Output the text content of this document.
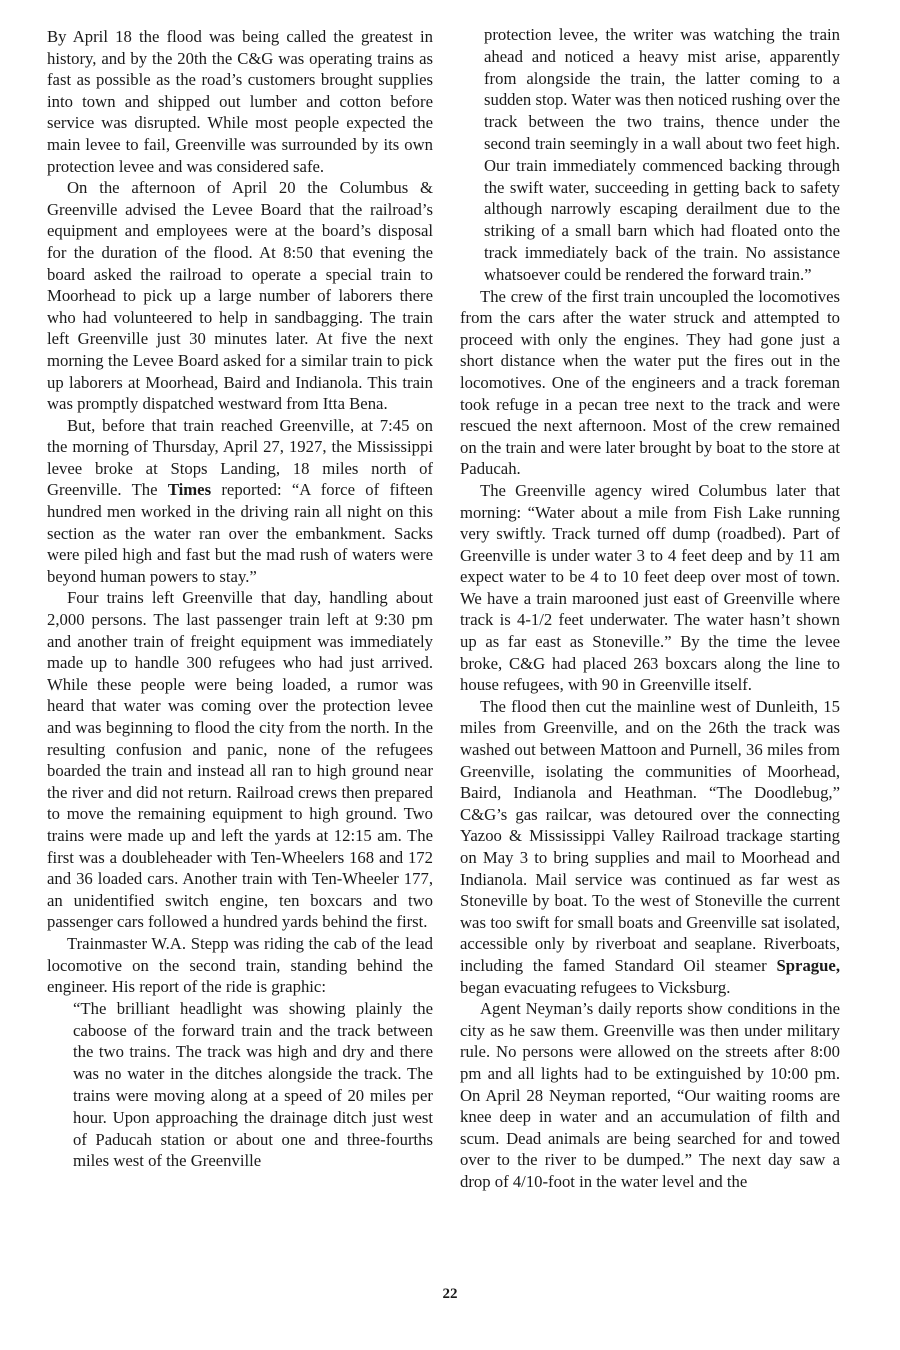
By April 18 the flood was being called the greatest in history, and by the 20th the C&G was operating trains as fast as possible as the road’s customers brought supplies into town and shipped out lumber and cotton before service was disrupted. While most people expected the main levee to fail, Greenville was surrounded by its own protection levee and was considered safe.

On the afternoon of April 20 the Columbus & Greenville advised the Levee Board that the railroad’s equipment and employees were at the board’s disposal for the duration of the flood. At 8:50 that evening the board asked the railroad to operate a special train to Moorhead to pick up a large number of laborers there who had volunteered to help in sandbagging. The train left Greenville just 30 minutes later. At five the next morning the Levee Board asked for a similar train to pick up laborers at Moorhead, Baird and Indianola. This train was promptly dispatched westward from Itta Bena.

But, before that train reached Greenville, at 7:45 on the morning of Thursday, April 27, 1927, the Mississippi levee broke at Stops Landing, 18 miles north of Greenville. The Times reported: “A force of fifteen hundred men worked in the driving rain all night on this section as the water ran over the embankment. Sacks were piled high and fast but the mad rush of waters were beyond human powers to stay.”

Four trains left Greenville that day, handling about 2,000 persons. The last passenger train left at 9:30 pm and another train of freight equipment was immediately made up to handle 300 refugees who had just arrived. While these people were being loaded, a rumor was heard that water was coming over the protection levee and was beginning to flood the city from the north. In the resulting confusion and panic, none of the refugees boarded the train and instead all ran to high ground near the river and did not return. Railroad crews then prepared to move the remaining equipment to high ground. Two trains were made up and left the yards at 12:15 am. The first was a doubleheader with Ten-Wheelers 168 and 172 and 36 loaded cars. Another train with Ten-Wheeler 177, an unidentified switch engine, ten boxcars and two passenger cars followed a hundred yards behind the first.

Trainmaster W.A. Stepp was riding the cab of the lead locomotive on the second train, standing behind the engineer. His report of the ride is graphic:

“The brilliant headlight was showing plainly the caboose of the forward train and the track between the two trains. The track was high and dry and there was no water in the ditches alongside the track. The trains were moving along at a speed of 20 miles per hour. Upon approaching the drainage ditch just west of Paducah station or about one and three-fourths miles west of the Greenville

protection levee, the writer was watching the train ahead and noticed a heavy mist arise, apparently from alongside the train, the latter coming to a sudden stop. Water was then noticed rushing over the track between the two trains, thence under the second train seemingly in a wall about two feet high. Our train immediately commenced backing through the swift water, succeeding in getting back to safety although narrowly escaping derailment due to the striking of a small barn which had floated onto the track immediately back of the train. No assistance whatsoever could be rendered the forward train.”

The crew of the first train uncoupled the locomotives from the cars after the water struck and attempted to proceed with only the engines. They had gone just a short distance when the water put the fires out in the locomotives. One of the engineers and a track foreman took refuge in a pecan tree next to the track and were rescued the next afternoon. Most of the crew remained on the train and were later brought by boat to the store at Paducah.

The Greenville agency wired Columbus later that morning: “Water about a mile from Fish Lake running very swiftly. Track turned off dump (roadbed). Part of Greenville is under water 3 to 4 feet deep and by 11 am expect water to be 4 to 10 feet deep over most of town. We have a train marooned just east of Greenville where track is 4-1/2 feet underwater. The water hasn’t shown up as far east as Stoneville.” By the time the levee broke, C&G had placed 263 boxcars along the line to house refugees, with 90 in Greenville itself.

The flood then cut the mainline west of Dunleith, 15 miles from Greenville, and on the 26th the track was washed out between Mattoon and Purnell, 36 miles from Greenville, isolating the communities of Moorhead, Baird, Indianola and Heathman. “The Doodlebug,” C&G’s gas railcar, was detoured over the connecting Yazoo & Mississippi Valley Railroad trackage starting on May 3 to bring supplies and mail to Moorhead and Indianola. Mail service was continued as far west as Stoneville by boat. To the west of Stoneville the current was too swift for small boats and Greenville sat isolated, accessible only by riverboat and seaplane. Riverboats, including the famed Standard Oil steamer Sprague, began evacuating refugees to Vicksburg.

Agent Neyman’s daily reports show conditions in the city as he saw them. Greenville was then under military rule. No persons were allowed on the streets after 8:00 pm and all lights had to be extinguished by 10:00 pm. On April 28 Neyman reported, “Our waiting rooms are knee deep in water and an accumulation of filth and scum. Dead animals are being searched for and towed over to the river to be dumped.” The next day saw a drop of 4/10-foot in the water level and the

22
